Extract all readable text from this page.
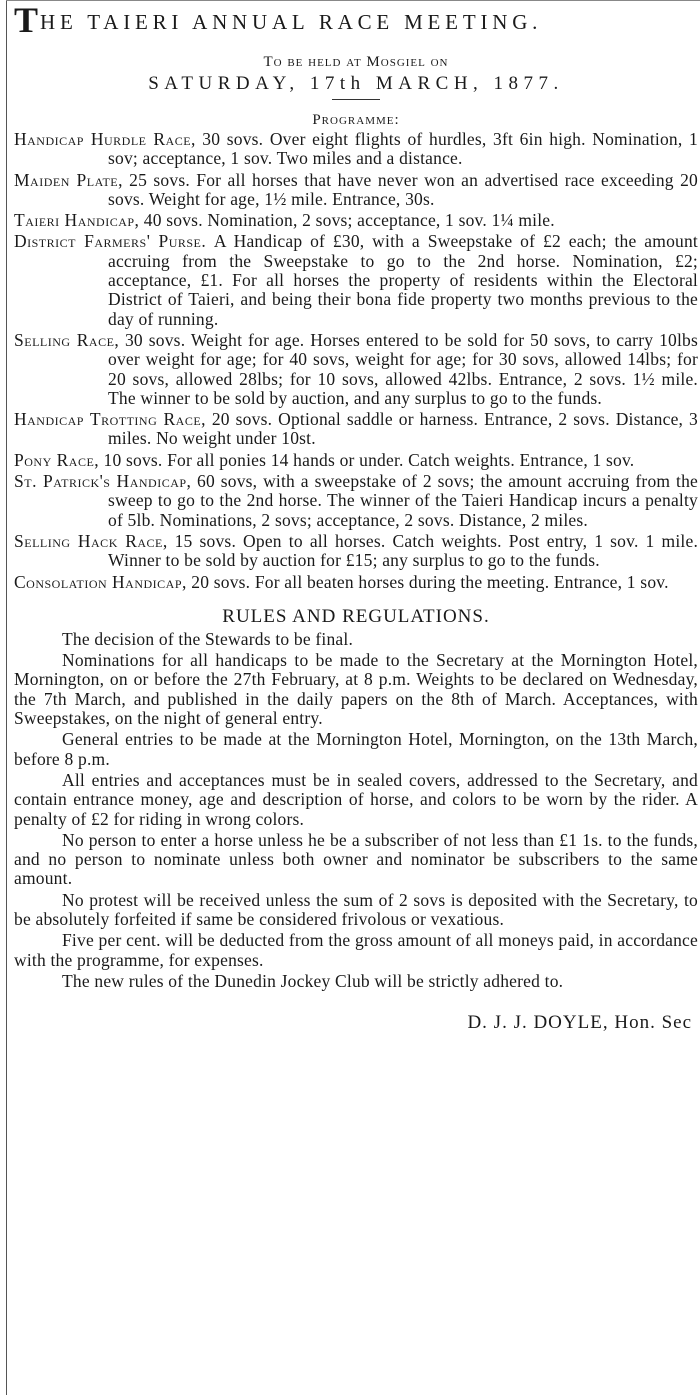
THE TAIERI ANNUAL RACE MEETING.
To be held at Mosgiel on
SATURDAY, 17th MARCH, 1877.
Programme:
Handicap Hurdle Race, 30 sovs. Over eight flights of hurdles, 3ft 6in high. Nomination, 1 sov; acceptance, 1 sov. Two miles and a distance.
Maiden Plate, 25 sovs. For all horses that have never won an advertised race exceeding 20 sovs. Weight for age, 1½ mile. Entrance, 30s.
Taieri Handicap, 40 sovs. Nomination, 2 sovs; acceptance, 1 sov. 1¼ mile.
District Farmers' Purse. A Handicap of £30, with a Sweepstake of £2 each; the amount accruing from the Sweepstake to go to the 2nd horse. Nomination, £2; acceptance, £1. For all horses the property of residents within the Electoral District of Taieri, and being their bona fide property two months previous to the day of running.
Selling Race, 30 sovs. Weight for age. Horses entered to be sold for 50 sovs, to carry 10lbs over weight for age; for 40 sovs, weight for age; for 30 sovs, allowed 14lbs; for 20 sovs, allowed 28lbs; for 10 sovs, allowed 42lbs. Entrance, 2 sovs. 1½ mile. The winner to be sold by auction, and any surplus to go to the funds.
Handicap Trotting Race, 20 sovs. Optional saddle or harness. Entrance, 2 sovs. Distance, 3 miles. No weight under 10st.
Pony Race, 10 sovs. For all ponies 14 hands or under. Catch weights. Entrance, 1 sov.
St. Patrick's Handicap, 60 sovs, with a sweepstake of 2 sovs; the amount accruing from the sweep to go to the 2nd horse. The winner of the Taieri Handicap incurs a penalty of 5lb. Nominations, 2 sovs; acceptance, 2 sovs. Distance, 2 miles.
Selling Hack Race, 15 sovs. Open to all horses. Catch weights. Post entry, 1 sov. 1 mile. Winner to be sold by auction for £15; any surplus to go to the funds.
Consolation Handicap, 20 sovs. For all beaten horses during the meeting. Entrance, 1 sov.
RULES AND REGULATIONS.

The decision of the Stewards to be final.

Nominations for all handicaps to be made to the Secretary at the Mornington Hotel, Mornington, on or before the 27th February, at 8 p.m. Weights to be declared on Wednesday, the 7th March, and published in the daily papers on the 8th of March. Acceptances, with Sweepstakes, on the night of general entry.

General entries to be made at the Mornington Hotel, Mornington, on the 13th March, before 8 p.m.

All entries and acceptances must be in sealed covers, addressed to the Secretary, and contain entrance money, age and description of horse, and colors to be worn by the rider. A penalty of £2 for riding in wrong colors.

No person to enter a horse unless he be a subscriber of not less than £1 1s. to the funds, and no person to nominate unless both owner and nominator be subscribers to the same amount.

No protest will be received unless the sum of 2 sovs is deposited with the Secretary, to be absolutely forfeited if same be considered frivolous or vexatious.

Five per cent. will be deducted from the gross amount of all moneys paid, in accordance with the programme, for expenses.

The new rules of the Dunedin Jockey Club will be strictly adhered to.

D. J. J. DOYLE, Hon. Sec
